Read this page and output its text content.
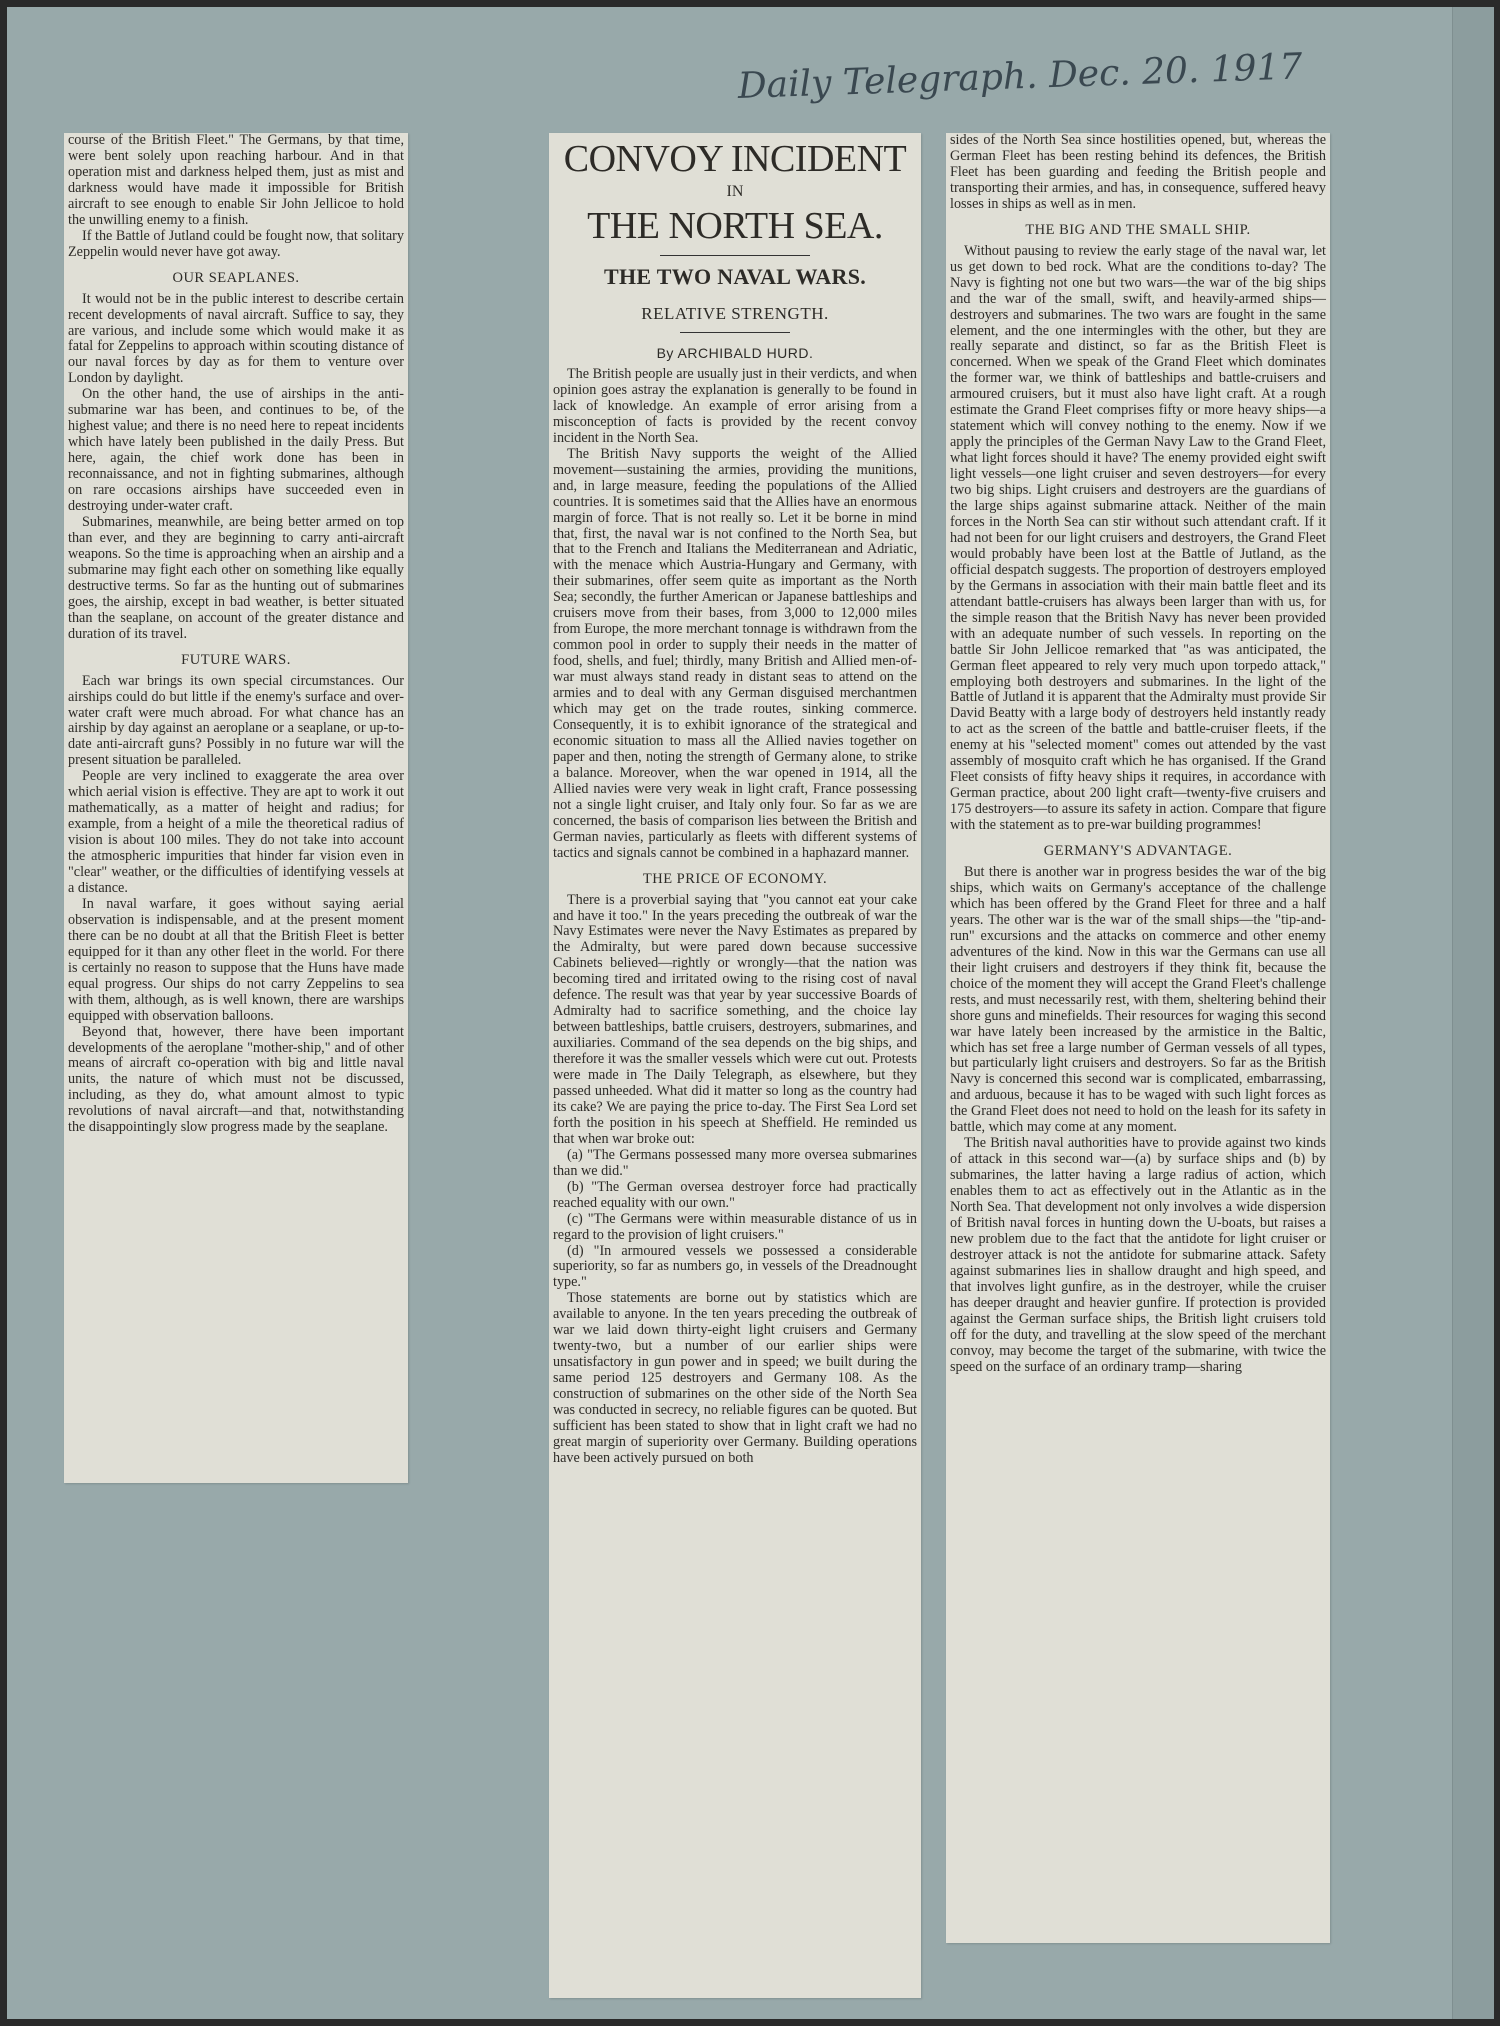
Daily Telegraph. Dec. 20. 1917

course of the British Fleet." The Germans, by that time, were bent solely upon reaching harbour. And in that operation mist and darkness helped them, just as mist and darkness would have made it impossible for British aircraft to see enough to enable Sir John Jellicoe to hold the unwilling enemy to a finish.

If the Battle of Jutland could be fought now, that solitary Zeppelin would never have got away.

OUR SEAPLANES.

It would not be in the public interest to describe certain recent developments of naval aircraft. Suffice to say, they are various, and include some which would make it as fatal for Zeppelins to approach within scouting distance of our naval forces by day as for them to venture over London by daylight.

On the other hand, the use of airships in the anti-submarine war has been, and continues to be, of the highest value; and there is no need here to repeat incidents which have lately been published in the daily Press. But here, again, the chief work done has been in reconnaissance, and not in fighting submarines, although on rare occasions airships have succeeded even in destroying under-water craft.

Submarines, meanwhile, are being better armed on top than ever, and they are beginning to carry anti-aircraft weapons. So the time is approaching when an airship and a submarine may fight each other on something like equally destructive terms. So far as the hunting out of submarines goes, the airship, except in bad weather, is better situated than the seaplane, on account of the greater distance and duration of its travel.

FUTURE WARS.

Each war brings its own special circumstances. Our airships could do but little if the enemy's surface and over-water craft were much abroad. For what chance has an airship by day against an aeroplane or a seaplane, or up-to-date anti-aircraft guns? Possibly in no future war will the present situation be paralleled.

People are very inclined to exaggerate the area over which aerial vision is effective. They are apt to work it out mathematically, as a matter of height and radius; for example, from a height of a mile the theoretical radius of vision is about 100 miles. They do not take into account the atmospheric impurities that hinder far vision even in "clear" weather, or the difficulties of identifying vessels at a distance.

In naval warfare, it goes without saying aerial observation is indispensable, and at the present moment there can be no doubt at all that the British Fleet is better equipped for it than any other fleet in the world. For there is certainly no reason to suppose that the Huns have made equal progress. Our ships do not carry Zeppelins to sea with them, although, as is well known, there are warships equipped with observation balloons.

Beyond that, however, there have been important developments of the aeroplane "mother-ship," and of other means of aircraft co-operation with big and little naval units, the nature of which must not be discussed, including, as they do, what amount almost to typic revolutions of naval aircraft—and that, notwithstanding the disappointingly slow progress made by the seaplane.

CONVOY INCIDENT
IN
THE NORTH SEA.
THE TWO NAVAL WARS.
RELATIVE STRENGTH.
By ARCHIBALD HURD.

The British people are usually just in their verdicts, and when opinion goes astray the explanation is generally to be found in lack of knowledge. An example of error arising from a misconception of facts is provided by the recent convoy incident in the North Sea.

The British Navy supports the weight of the Allied movement—sustaining the armies, providing the munitions, and, in large measure, feeding the populations of the Allied countries. It is sometimes said that the Allies have an enormous margin of force. That is not really so. Let it be borne in mind that, first, the naval war is not confined to the North Sea, but that to the French and Italians the Mediterranean and Adriatic, with the menace which Austria-Hungary and Germany, with their submarines, offer seem quite as important as the North Sea; secondly, the further American or Japanese battleships and cruisers move from their bases, from 3,000 to 12,000 miles from Europe, the more merchant tonnage is withdrawn from the common pool in order to supply their needs in the matter of food, shells, and fuel; thirdly, many British and Allied men-of-war must always stand ready in distant seas to attend on the armies and to deal with any German disguised merchantmen which may get on the trade routes, sinking commerce. Consequently, it is to exhibit ignorance of the strategical and economic situation to mass all the Allied navies together on paper and then, noting the strength of Germany alone, to strike a balance. Moreover, when the war opened in 1914, all the Allied navies were very weak in light craft, France possessing not a single light cruiser, and Italy only four. So far as we are concerned, the basis of comparison lies between the British and German navies, particularly as fleets with different systems of tactics and signals cannot be combined in a haphazard manner.

THE PRICE OF ECONOMY.

There is a proverbial saying that "you cannot eat your cake and have it too." In the years preceding the outbreak of war the Navy Estimates were never the Navy Estimates as prepared by the Admiralty, but were pared down because successive Cabinets believed—rightly or wrongly—that the nation was becoming tired and irritated owing to the rising cost of naval defence. The result was that year by year successive Boards of Admiralty had to sacrifice something, and the choice lay between battleships, battle cruisers, destroyers, submarines, and auxiliaries. Command of the sea depends on the big ships, and therefore it was the smaller vessels which were cut out. Protests were made in The Daily Telegraph, as elsewhere, but they passed unheeded. What did it matter so long as the country had its cake? We are paying the price to-day. The First Sea Lord set forth the position in his speech at Sheffield. He reminded us that when war broke out:

(a) "The Germans possessed many more oversea submarines than we did."

(b) "The German oversea destroyer force had practically reached equality with our own."

(c) "The Germans were within measurable distance of us in regard to the provision of light cruisers."

(d) "In armoured vessels we possessed a considerable superiority, so far as numbers go, in vessels of the Dreadnought type."

Those statements are borne out by statistics which are available to anyone. In the ten years preceding the outbreak of war we laid down thirty-eight light cruisers and Germany twenty-two, but a number of our earlier ships were unsatisfactory in gun power and in speed; we built during the same period 125 destroyers and Germany 108. As the construction of submarines on the other side of the North Sea was conducted in secrecy, no reliable figures can be quoted. But sufficient has been stated to show that in light craft we had no great margin of superiority over Germany. Building operations have been actively pursued on both

sides of the North Sea since hostilities opened, but, whereas the German Fleet has been resting behind its defences, the British Fleet has been guarding and feeding the British people and transporting their armies, and has, in consequence, suffered heavy losses in ships as well as in men.

THE BIG AND THE SMALL SHIP.

Without pausing to review the early stage of the naval war, let us get down to bed rock. What are the conditions to-day? The Navy is fighting not one but two wars—the war of the big ships and the war of the small, swift, and heavily-armed ships—destroyers and submarines. The two wars are fought in the same element, and the one intermingles with the other, but they are really separate and distinct, so far as the British Fleet is concerned. When we speak of the Grand Fleet which dominates the former war, we think of battleships and battle-cruisers and armoured cruisers, but it must also have light craft. At a rough estimate the Grand Fleet comprises fifty or more heavy ships—a statement which will convey nothing to the enemy. Now if we apply the principles of the German Navy Law to the Grand Fleet, what light forces should it have? The enemy provided eight swift light vessels—one light cruiser and seven destroyers—for every two big ships. Light cruisers and destroyers are the guardians of the large ships against submarine attack. Neither of the main forces in the North Sea can stir without such attendant craft. If it had not been for our light cruisers and destroyers, the Grand Fleet would probably have been lost at the Battle of Jutland, as the official despatch suggests. The proportion of destroyers employed by the Germans in association with their main battle fleet and its attendant battle-cruisers has always been larger than with us, for the simple reason that the British Navy has never been provided with an adequate number of such vessels. In reporting on the battle Sir John Jellicoe remarked that "as was anticipated, the German fleet appeared to rely very much upon torpedo attack," employing both destroyers and submarines. In the light of the Battle of Jutland it is apparent that the Admiralty must provide Sir David Beatty with a large body of destroyers held instantly ready to act as the screen of the battle and battle-cruiser fleets, if the enemy at his "selected moment" comes out attended by the vast assembly of mosquito craft which he has organised. If the Grand Fleet consists of fifty heavy ships it requires, in accordance with German practice, about 200 light craft—twenty-five cruisers and 175 destroyers—to assure its safety in action. Compare that figure with the statement as to pre-war building programmes!

GERMANY'S ADVANTAGE.

But there is another war in progress besides the war of the big ships, which waits on Germany's acceptance of the challenge which has been offered by the Grand Fleet for three and a half years. The other war is the war of the small ships—the "tip-and-run" excursions and the attacks on commerce and other enemy adventures of the kind. Now in this war the Germans can use all their light cruisers and destroyers if they think fit, because the choice of the moment they will accept the Grand Fleet's challenge rests, and must necessarily rest, with them, sheltering behind their shore guns and minefields. Their resources for waging this second war have lately been increased by the armistice in the Baltic, which has set free a large number of German vessels of all types, but particularly light cruisers and destroyers. So far as the British Navy is concerned this second war is complicated, embarrassing, and arduous, because it has to be waged with such light forces as the Grand Fleet does not need to hold on the leash for its safety in battle, which may come at any moment.

The British naval authorities have to provide against two kinds of attack in this second war—(a) by surface ships and (b) by submarines, the latter having a large radius of action, which enables them to act as effectively out in the Atlantic as in the North Sea. That development not only involves a wide dispersion of British naval forces in hunting down the U-boats, but raises a new problem due to the fact that the antidote for light cruiser or destroyer attack is not the antidote for submarine attack. Safety against submarines lies in shallow draught and high speed, and that involves light gunfire, as in the destroyer, while the cruiser has deeper draught and heavier gunfire. If protection is provided against the German surface ships, the British light cruisers told off for the duty, and travelling at the slow speed of the merchant convoy, may become the target of the submarine, with twice the speed on the surface of an ordinary tramp—sharing
